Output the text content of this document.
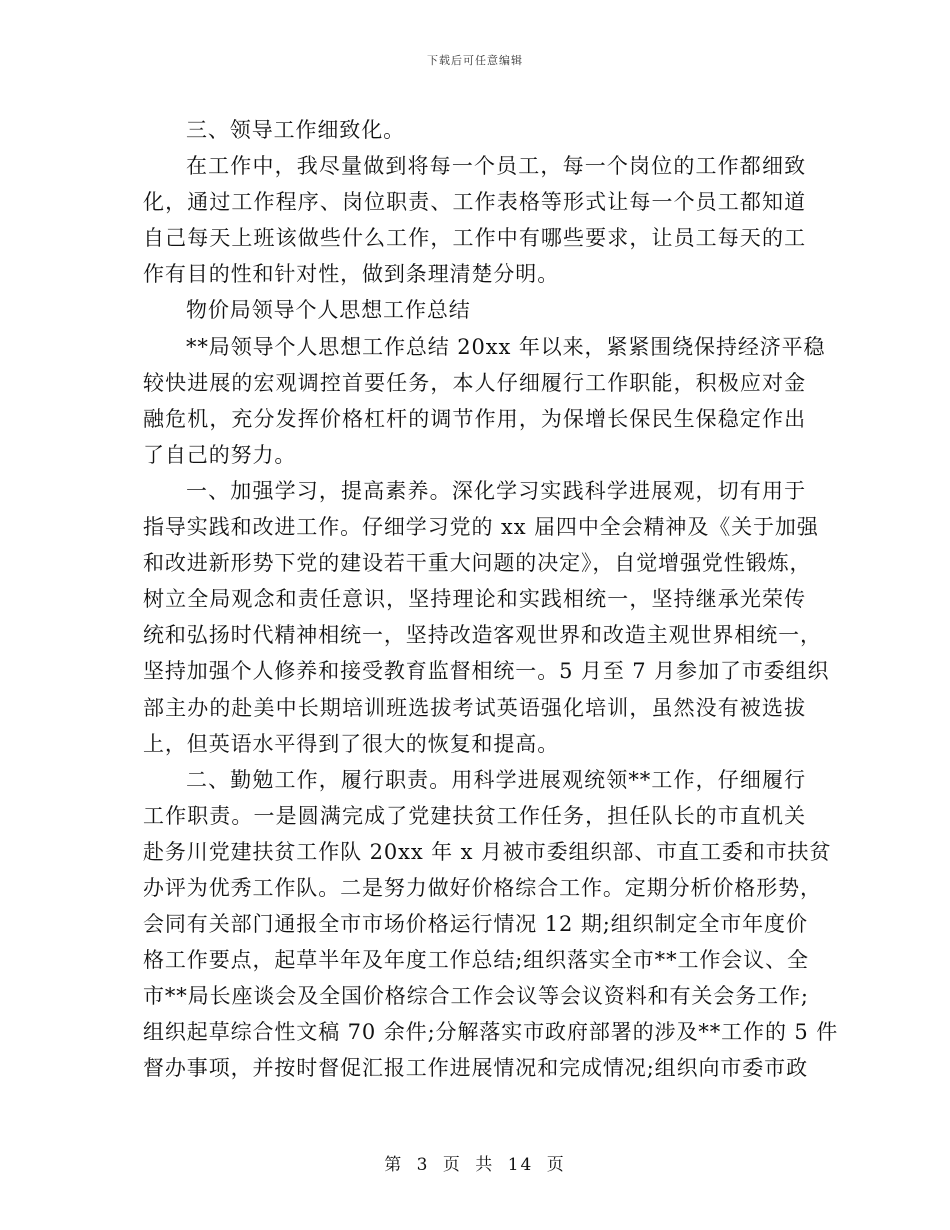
下载后可任意编辑
三、领导工作细致化。
在工作中，我尽量做到将每一个员工，每一个岗位的工作都细致
化，通过工作程序、岗位职责、工作表格等形式让每一个员工都知道
自己每天上班该做些什么工作，工作中有哪些要求，让员工每天的工
作有目的性和针对性，做到条理清楚分明。
物价局领导个人思想工作总结
**局领导个人思想工作总结 20xx 年以来，紧紧围绕保持经济平稳
较快进展的宏观调控首要任务，本人仔细履行工作职能，积极应对金
融危机，充分发挥价格杠杆的调节作用，为保增长保民生保稳定作出
了自己的努力。
一、加强学习，提高素养。深化学习实践科学进展观，切有用于
指导实践和改进工作。仔细学习党的 xx 届四中全会精神及《关于加强
和改进新形势下党的建设若干重大问题的决定》，自觉增强党性锻炼，
树立全局观念和责任意识，坚持理论和实践相统一，坚持继承光荣传
统和弘扬时代精神相统一，坚持改造客观世界和改造主观世界相统一，
坚持加强个人修养和接受教育监督相统一。5 月至 7 月参加了市委组织
部主办的赴美中长期培训班选拔考试英语强化培训，虽然没有被选拔
上，但英语水平得到了很大的恢复和提高。
二、勤勉工作，履行职责。用科学进展观统领**工作，仔细履行
工作职责。一是圆满完成了党建扶贫工作任务，担任队长的市直机关
赴务川党建扶贫工作队 20xx 年 x 月被市委组织部、市直工委和市扶贫
办评为优秀工作队。二是努力做好价格综合工作。定期分析价格形势，
会同有关部门通报全市市场价格运行情况 12 期;组织制定全市年度价
格工作要点，起草半年及年度工作总结;组织落实全市**工作会议、全
市**局长座谈会及全国价格综合工作会议等会议资料和有关会务工作;
组织起草综合性文稿 70 余件;分解落实市政府部署的涉及**工作的 5 件
督办事项，并按时督促汇报工作进展情况和完成情况;组织向市委市政
第 3 页 共 14 页
